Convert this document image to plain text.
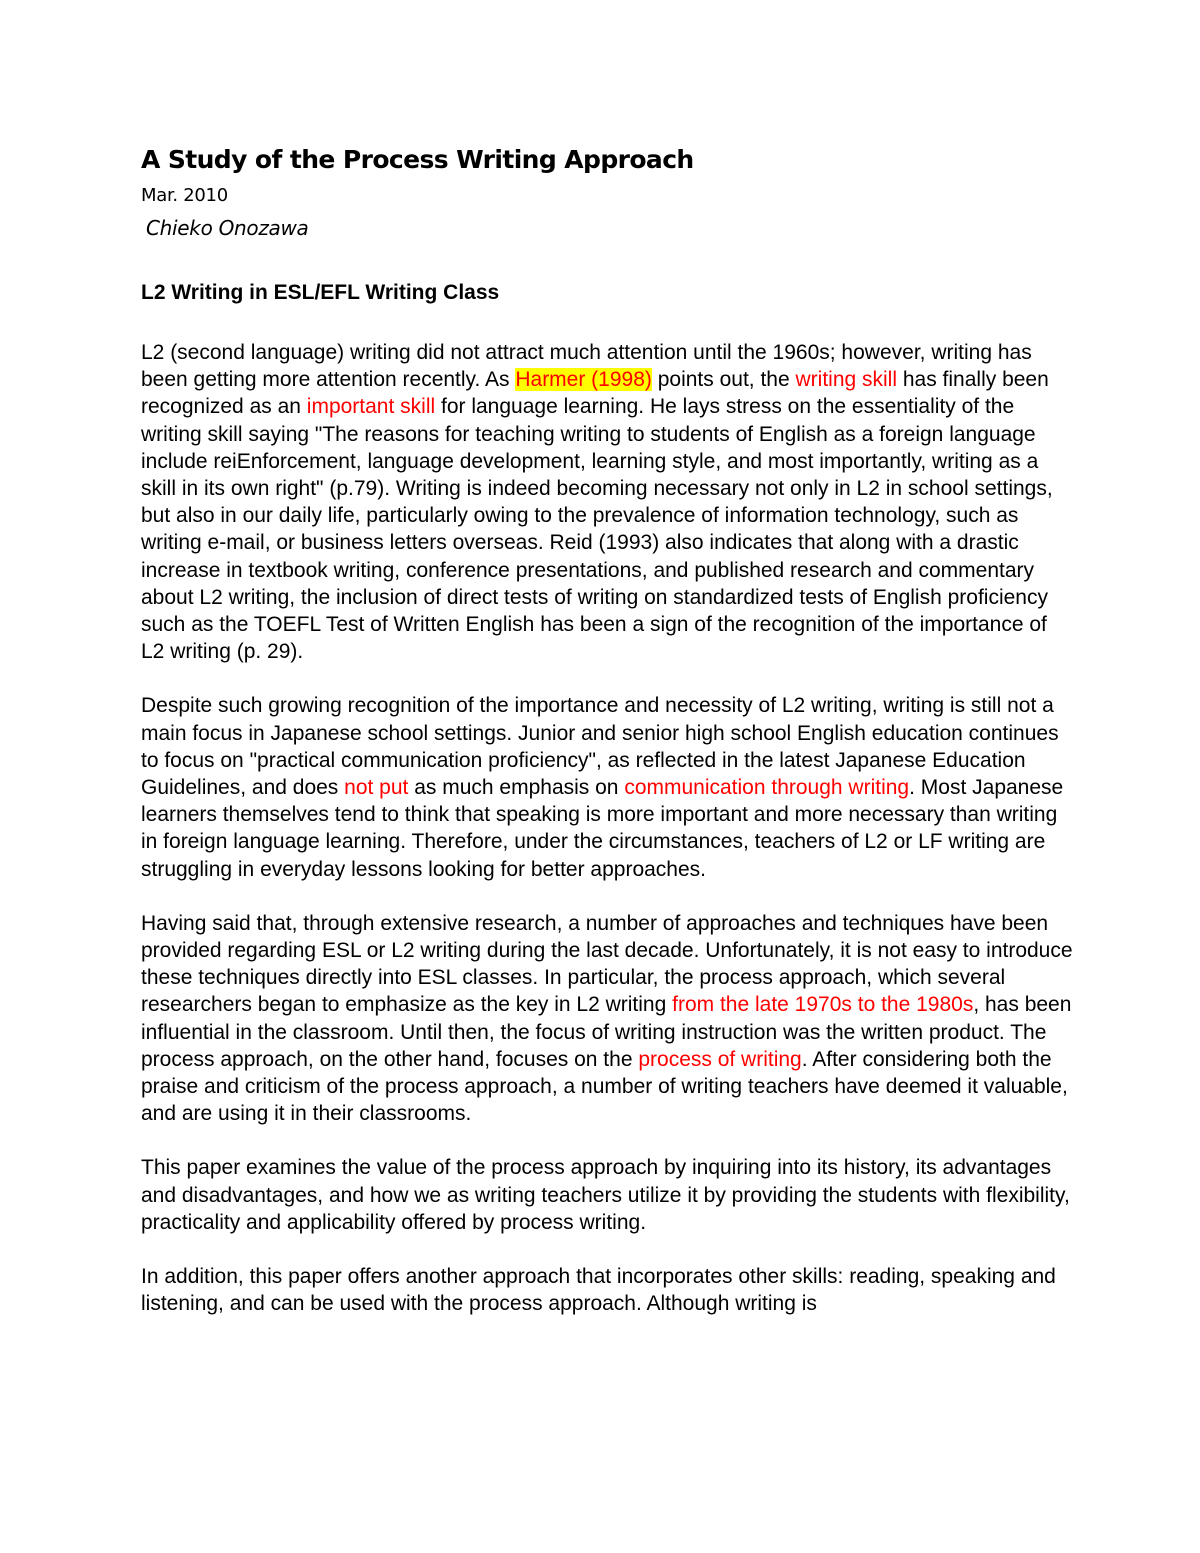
A Study of the Process Writing Approach
Mar. 2010
Chieko Onozawa
L2 Writing in ESL/EFL Writing Class

L2 (second language) writing did not attract much attention until the 1960s; however, writing has been getting more attention recently. As Harmer (1998) points out, the writing skill has finally been recognized as an important skill for language learning. He lays stress on the essentiality of the writing skill saying "The reasons for teaching writing to students of English as a foreign language include reiEnforcement, language development, learning style, and most importantly, writing as a skill in its own right" (p.79). Writing is indeed becoming necessary not only in L2 in school settings, but also in our daily life, particularly owing to the prevalence of information technology, such as writing e-mail, or business letters overseas. Reid (1993) also indicates that along with a drastic increase in textbook writing, conference presentations, and published research and commentary about L2 writing, the inclusion of direct tests of writing on standardized tests of English proficiency such as the TOEFL Test of Written English has been a sign of the recognition of the importance of L2 writing (p. 29).

Despite such growing recognition of the importance and necessity of L2 writing, writing is still not a main focus in Japanese school settings. Junior and senior high school English education continues to focus on "practical communication proficiency", as reflected in the latest Japanese Education Guidelines, and does not put as much emphasis on communication through writing. Most Japanese learners themselves tend to think that speaking is more important and more necessary than writing in foreign language learning. Therefore, under the circumstances, teachers of L2 or LF writing are struggling in everyday lessons looking for better approaches.

Having said that, through extensive research, a number of approaches and techniques have been provided regarding ESL or L2 writing during the last decade. Unfortunately, it is not easy to introduce these techniques directly into ESL classes. In particular, the process approach, which several researchers began to emphasize as the key in L2 writing from the late 1970s to the 1980s, has been influential in the classroom. Until then, the focus of writing instruction was the written product. The process approach, on the other hand, focuses on the process of writing. After considering both the praise and criticism of the process approach, a number of writing teachers have deemed it valuable, and are using it in their classrooms.

This paper examines the value of the process approach by inquiring into its history, its advantages and disadvantages, and how we as writing teachers utilize it by providing the students with flexibility, practicality and applicability offered by process writing.

In addition, this paper offers another approach that incorporates other skills: reading, speaking and listening, and can be used with the process approach. Although writing is
